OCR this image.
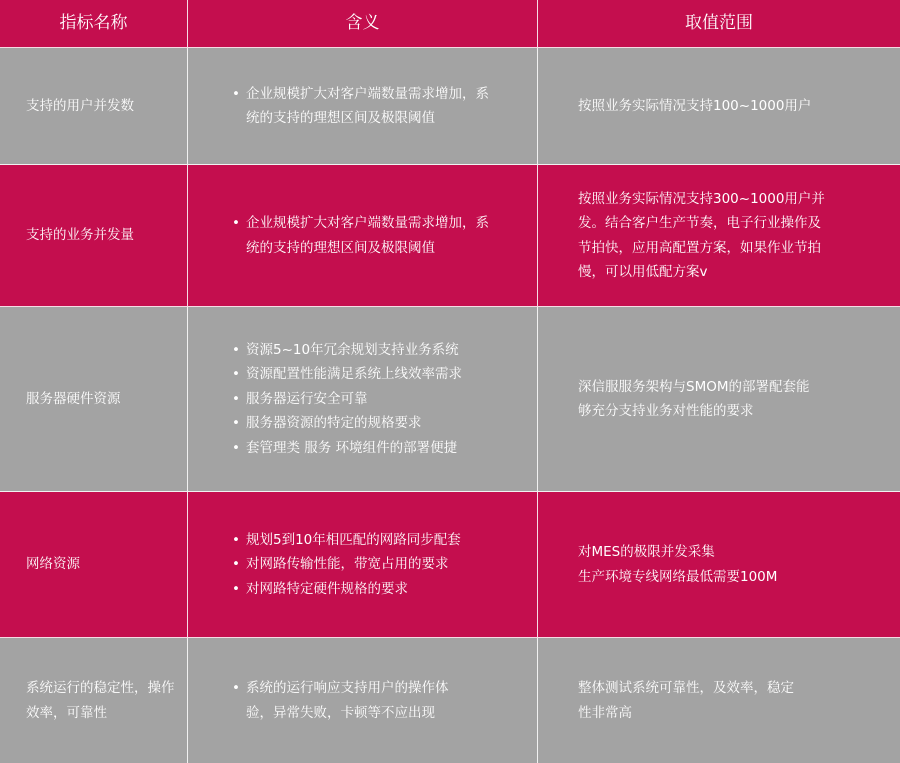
指标名称	含义	取值范围
支持的用户并发数
• 企业规模扩大对客户端数量需求增加，系统的支持的理想区间及极限阈值
按照业务实际情况支持100~1000用户
支持的业务并发量
• 企业规模扩大对客户端数量需求增加，系统的支持的理想区间及极限阈值
按照业务实际情况支持300~1000用户并发。结合客户生产节奏，电子行业操作及节拍快，应用高配置方案，如果作业节拍慢，可以用低配方案v
服务器硬件资源
• 资源5~10年冗余规划支持业务系统
• 资源配置性能满足系统上线效率需求
• 服务器运行安全可靠
• 服务器资源的特定的规格要求
• 套管理类 服务 环境组件的部署便捷
深信服服务架构与SMOM的部署配套能够充分支持业务对性能的要求
网络资源
• 规划5到10年相匹配的网路同步配套
• 对网路传输性能，带宽占用的要求
• 对网路特定硬件规格的要求
对MES的极限并发采集
生产环境专线网络最低需要100M
系统运行的稳定性，操作效率，可靠性
• 系统的运行响应支持用户的操作体验，异常失败，卡顿等不应出现
整体测试系统可靠性，及效率，稳定性非常高
